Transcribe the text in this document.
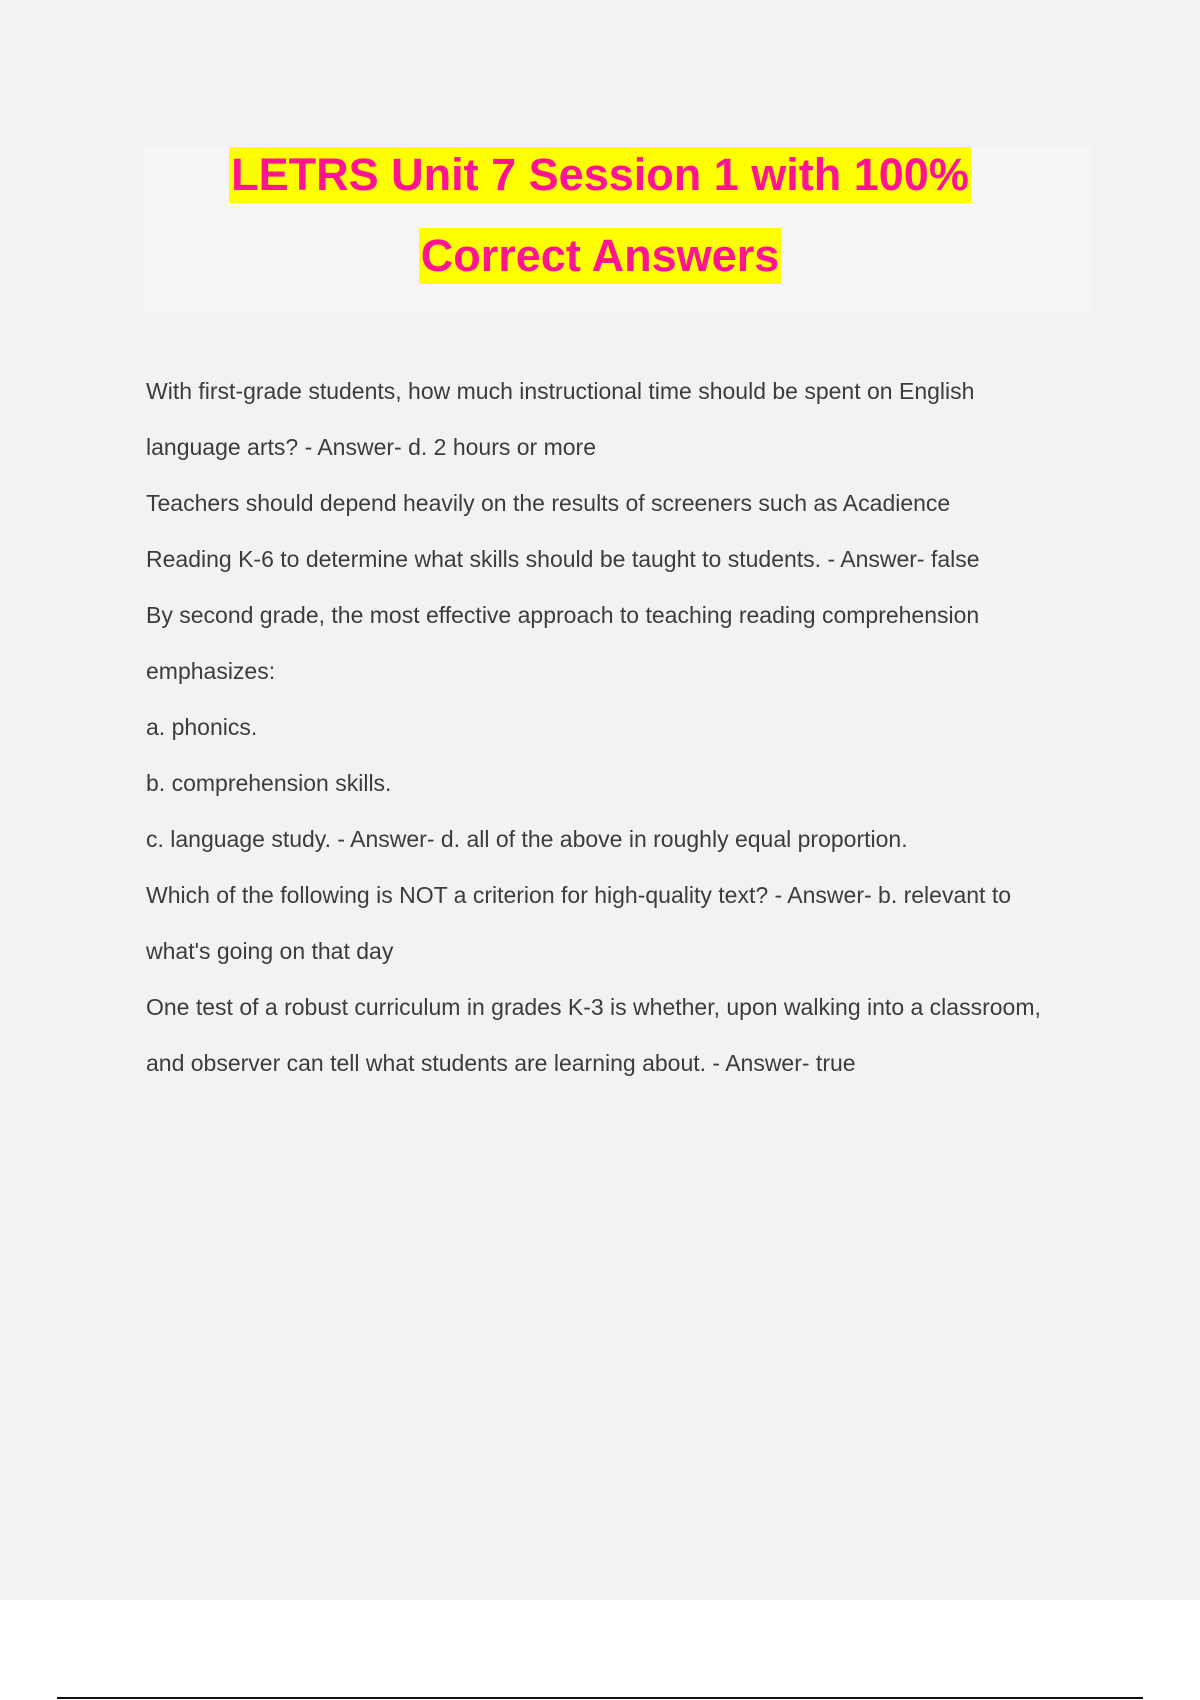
LETRS Unit 7 Session 1 with 100%
Correct Answers

With first-grade students, how much instructional time should be spent on English

language arts? - Answer- d. 2 hours or more

Teachers should depend heavily on the results of screeners such as Acadience

Reading K-6 to determine what skills should be taught to students. - Answer- false

By second grade, the most effective approach to teaching reading comprehension

emphasizes:

a. phonics.

b. comprehension skills.

c. language study. - Answer- d. all of the above in roughly equal proportion.

Which of the following is NOT a criterion for high-quality text? - Answer- b. relevant to

what's going on that day

One test of a robust curriculum in grades K-3 is whether, upon walking into a classroom,

and observer can tell what students are learning about. - Answer- true
